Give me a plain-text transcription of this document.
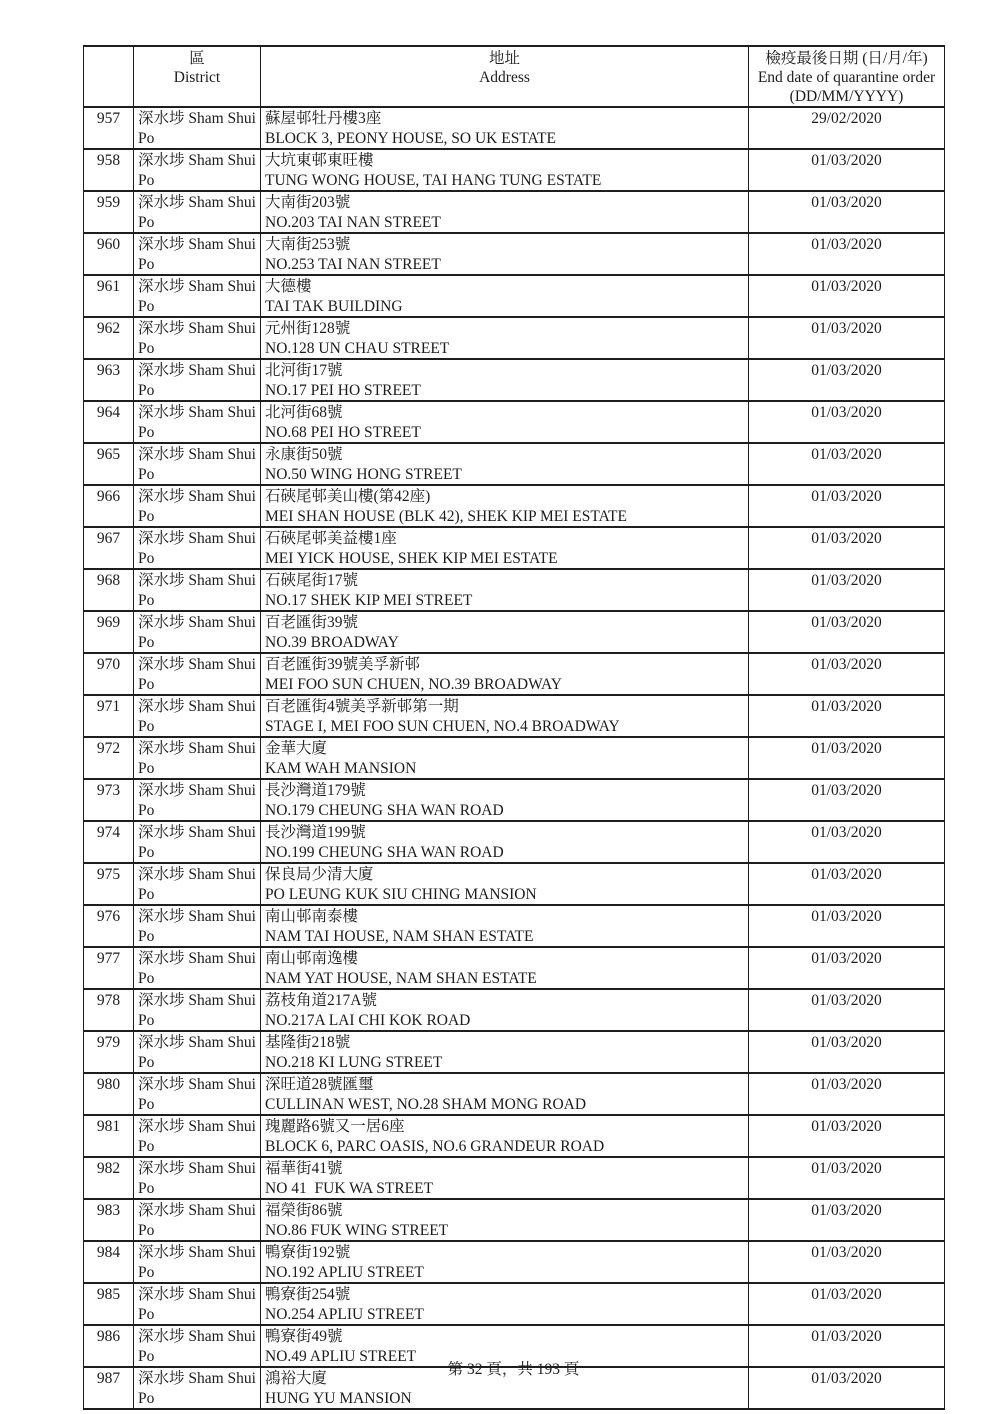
區
District

地址
Address

檢疫最後日期 (日/月/年)
End date of quarantine order
(DD/MM/YYYY)

957	深水埗 Sham Shui Po	蘇屋邨牡丹樓3座
BLOCK 3, PEONY HOUSE, SO UK ESTATE	29/02/2020
958	深水埗 Sham Shui Po	大坑東邨東旺樓
TUNG WONG HOUSE, TAI HANG TUNG ESTATE	01/03/2020
959	深水埗 Sham Shui Po	大南街203號
NO.203 TAI NAN STREET	01/03/2020
960	深水埗 Sham Shui Po	大南街253號
NO.253 TAI NAN STREET	01/03/2020
961	深水埗 Sham Shui Po	大德樓
TAI TAK BUILDING	01/03/2020
962	深水埗 Sham Shui Po	元州街128號
NO.128 UN CHAU STREET	01/03/2020
963	深水埗 Sham Shui Po	北河街17號
NO.17 PEI HO STREET	01/03/2020
964	深水埗 Sham Shui Po	北河街68號
NO.68 PEI HO STREET	01/03/2020
965	深水埗 Sham Shui Po	永康街50號
NO.50 WING HONG STREET	01/03/2020
966	深水埗 Sham Shui Po	石硤尾邨美山樓(第42座)
MEI SHAN HOUSE (BLK 42), SHEK KIP MEI ESTATE	01/03/2020
967	深水埗 Sham Shui Po	石硤尾邨美益樓1座
MEI YICK HOUSE, SHEK KIP MEI ESTATE	01/03/2020
968	深水埗 Sham Shui Po	石硤尾街17號
NO.17 SHEK KIP MEI STREET	01/03/2020
969	深水埗 Sham Shui Po	百老匯街39號
NO.39 BROADWAY	01/03/2020
970	深水埗 Sham Shui Po	百老匯街39號美孚新邨
MEI FOO SUN CHUEN, NO.39 BROADWAY	01/03/2020
971	深水埗 Sham Shui Po	百老匯街4號美孚新邨第一期
STAGE I, MEI FOO SUN CHUEN, NO.4 BROADWAY	01/03/2020
972	深水埗 Sham Shui Po	金華大廈
KAM WAH MANSION	01/03/2020
973	深水埗 Sham Shui Po	長沙灣道179號
NO.179 CHEUNG SHA WAN ROAD	01/03/2020
974	深水埗 Sham Shui Po	長沙灣道199號
NO.199 CHEUNG SHA WAN ROAD	01/03/2020
975	深水埗 Sham Shui Po	保良局少清大廈
PO LEUNG KUK SIU CHING MANSION	01/03/2020
976	深水埗 Sham Shui Po	南山邨南泰樓
NAM TAI HOUSE, NAM SHAN ESTATE	01/03/2020
977	深水埗 Sham Shui Po	南山邨南逸樓
NAM YAT HOUSE, NAM SHAN ESTATE	01/03/2020
978	深水埗 Sham Shui Po	荔枝角道217A號
NO.217A LAI CHI KOK ROAD	01/03/2020
979	深水埗 Sham Shui Po	基隆街218號
NO.218 KI LUNG STREET	01/03/2020
980	深水埗 Sham Shui Po	深旺道28號匯璽
CULLINAN WEST, NO.28 SHAM MONG ROAD	01/03/2020
981	深水埗 Sham Shui Po	瑰麗路6號又一居6座
BLOCK 6, PARC OASIS, NO.6 GRANDEUR ROAD	01/03/2020
982	深水埗 Sham Shui Po	福華街41號
NO 41  FUK WA STREET	01/03/2020
983	深水埗 Sham Shui Po	福榮街86號
NO.86 FUK WING STREET	01/03/2020
984	深水埗 Sham Shui Po	鴨寮街192號
NO.192 APLIU STREET	01/03/2020
985	深水埗 Sham Shui Po	鴨寮街254號
NO.254 APLIU STREET	01/03/2020
986	深水埗 Sham Shui Po	鴨寮街49號
NO.49 APLIU STREET	01/03/2020
987	深水埗 Sham Shui Po	鴻裕大廈
HUNG YU MANSION	01/03/2020
第 32 頁，共 193 頁
